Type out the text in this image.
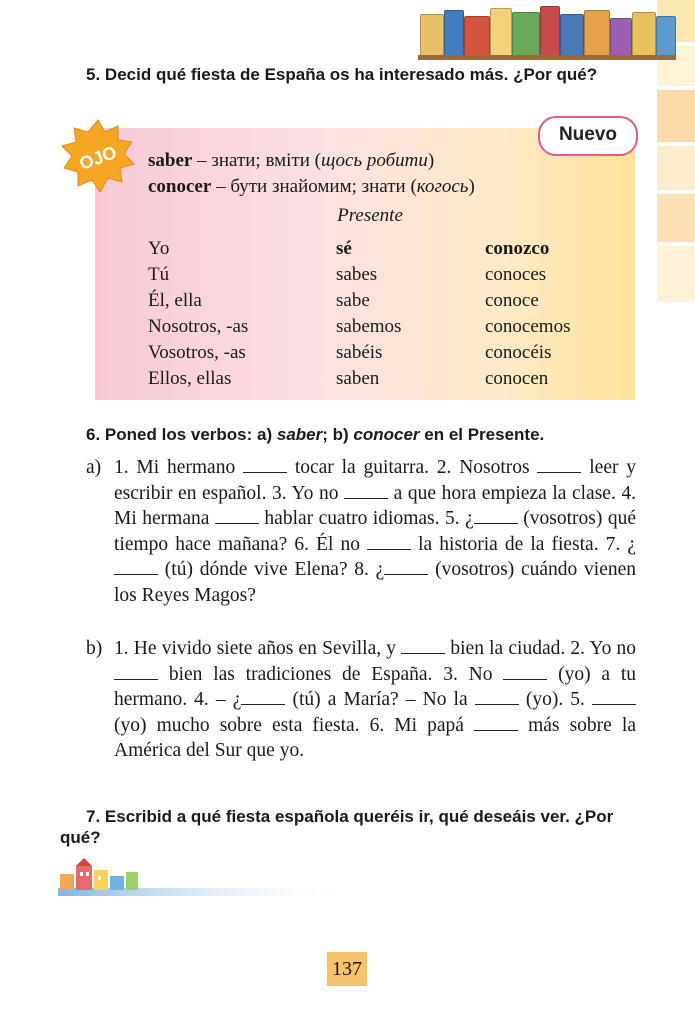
5. Decid qué fiesta de España os ha interesado más. ¿Por qué?
OJO
Nuevo
saber – знати; вміти (щось робити)
conocer – бути знайомим; знати (когось)
Presente
Yo	sé	conozco
Tú	sabes	conoces
Él, ella	sabe	conoce
Nosotros, -as	sabemos	conocemos
Vosotros, -as	sabéis	conocéis
Ellos, ellas	saben	conocen
6. Poned los verbos: a) saber; b) conocer en el Presente.
a) 1. Mi hermano	tocar la guitarra. 2. Nosotros	leer y escribir en español. 3. Yo no	a que hora empieza la clase. 4. Mi hermana	hablar cuatro idiomas. 5. ¿	(vosotros) qué tiempo hace mañana? 6. Él no	la historia de la fiesta. 7. ¿  (tú) dónde vive Elena? 8. ¿	(vosotros) cuándo vienen los Reyes Magos?
b) 1. He vivido siete años en Sevilla, y	bien la ciudad. 2. Yo no  bien las tradiciones de España. 3. No	(yo) a tu hermano. 4. – ¿	(tú) a María? – No la	(yo). 5.  (yo) mucho sobre esta fiesta. 6. Mi papá	más sobre la América del Sur que yo.
7. Escribid a qué fiesta española queréis ir, qué deseáis ver. ¿Por qué?
137
